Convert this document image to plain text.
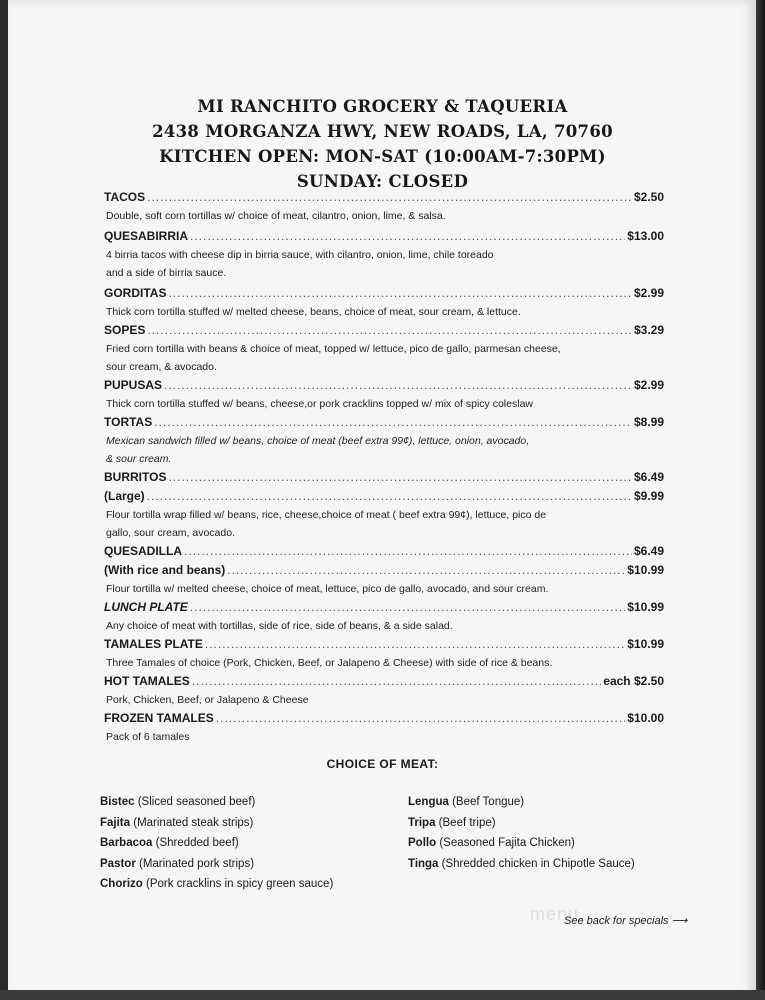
MI RANCHITO GROCERY & TAQUERIA
2438 MORGANZA HWY, NEW ROADS, LA, 70760
KITCHEN OPEN: MON-SAT (10:00AM-7:30PM)
SUNDAY: CLOSED
TACOS .....	$2.50
Double, soft corn tortillas w/ choice of meat, cilantro, onion, lime, & salsa.
QUESABIRRIA .....	$13.00
4 birria tacos with cheese dip in birria sauce, with cilantro, onion, lime, chile toreado
and a side of birria sauce.
GORDITAS .....	$2.99
Thick corn tortilla stuffed w/ melted cheese, beans, choice of meat, sour cream, & lettuce.
SOPES .....	$3.29
Fried corn tortilla with beans & choice of meat, topped w/ lettuce, pico de gallo, parmesan cheese,
sour cream, & avocado.
PUPUSAS .....	$2.99
Thick corn tortilla stuffed w/ beans, cheese,or pork cracklins topped w/ mix of spicy coleslaw
TORTAS .....	$8.99
Mexican sandwich filled w/ beans, choice of meat (beef extra 99¢), lettuce, onion, avocado,
& sour cream.
BURRITOS .....	$6.49
(Large) .....	$9.99
Flour tortilla wrap filled w/ beans, rice, cheese,choice of meat ( beef extra 99¢), lettuce, pico de
gallo, sour cream, avocado.
QUESADILLA .....	$6.49
(With rice and beans) .....	$10.99
Flour tortilla w/ melted cheese, choice of meat, lettuce, pico de gallo, avocado, and sour cream.
LUNCH PLATE .....	$10.99
Any choice of meat with tortillas, side of rice, side of beans, & a side salad.
TAMALES PLATE .....	$10.99
Three Tamales of choice (Pork, Chicken, Beef, or Jalapeno & Cheese) with side of rice & beans.
HOT TAMALES .....	each $2.50
Pork, Chicken, Beef, or Jalapeno & Cheese
FROZEN TAMALES .....	$10.00
Pack of 6 tamales
CHOICE OF MEAT:
Bistec (Sliced seasoned beef)
Fajita (Marinated steak strips)
Barbacoa (Shredded beef)
Pastor (Marinated pork strips)
Chorizo (Pork cracklins in spicy green sauce)
Lengua (Beef Tongue)
Tripa (Beef tripe)
Pollo (Seasoned Fajita Chicken)
Tinga (Shredded chicken in Chipotle Sauce)
menu
See back for specials ⟶
